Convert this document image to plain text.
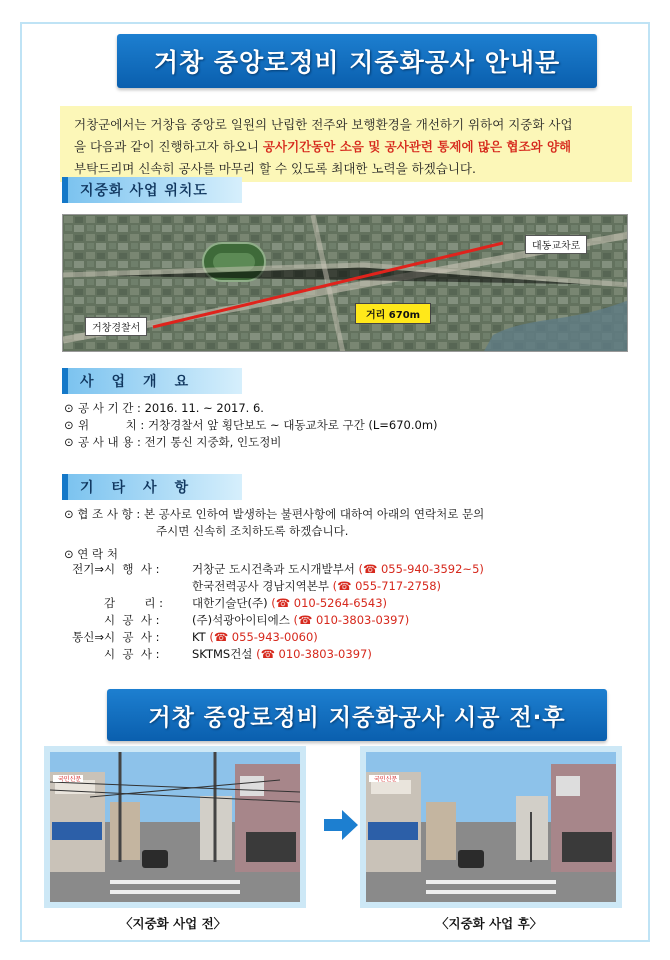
거창 중앙로정비 지중화공사 안내문
거창군에서는 거창읍 중앙로 일원의 난립한 전주와 보행환경을 개선하기 위하여 지중화 사업
을 다음과 같이 진행하고자 하오니 공사기간동안 소음 및 공사관련 통제에 많은 협조와 양해
부탁드리며 신속히 공사를 마무리 할 수 있도록 최대한 노력을 하겠습니다.
지중화 사업 위치도
거창경찰서
대동교차로
거리 670m
사업개요
⊙ 공 사 기 간 : 2016. 11. ~ 2017. 6.
⊙ 위          치 : 거창경찰서 앞 횡단보도 ~ 대동교차로 구간 (L=670.0m)
⊙ 공 사 내 용 : 전기 통신 지중화, 인도정비
기타사항
⊙ 협 조 사 항 : 본 공사로 인하여 발생하는 불편사항에 대하여 아래의 연락처로 문의
주시면 신속히 조치하도록 하겠습니다.
⊙ 연 락 처
전기⇒시  행  사 :	거창군 도시건축과 도시개발부서 (☎ 055-940-3592~5)
한국전력공사 경남지역본부 (☎ 055-717-2758)
감        리 :	대한기술단(주) (☎ 010-5264-6543)
시  공  사 :	(주)석광아이티에스 (☎ 010-3803-0397)
통신⇒시  공  사 :	KT (☎ 055-943-0060)
시  공  사 :	SKTMS건설 (☎ 010-3803-0397)
거창 중앙로정비 지중화공사 시공 전·후
국민신문	국민신문
〈지중화 사업 전〉	〈지중화 사업 후〉
